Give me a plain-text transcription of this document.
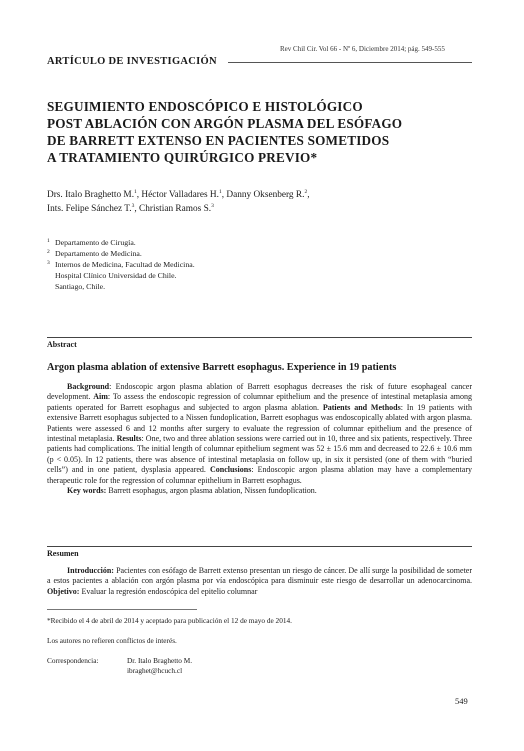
Rev Chil Cir. Vol 66 - Nº 6, Diciembre 2014; pág. 549-555
ARTÍCULO DE INVESTIGACIÓN
SEGUIMIENTO ENDOSCÓPICO E HISTOLÓGICO
POST ABLACIÓN CON ARGÓN PLASMA DEL ESÓFAGO
DE BARRETT EXTENSO EN PACIENTES SOMETIDOS
A TRATAMIENTO QUIRÚRGICO PREVIO*
Drs. Italo Braghetto M.$^1$, Héctor Valladares H.$^1$, Danny Oksenberg R.$^2$,
Ints. Felipe Sánchez T.$^3$, Christian Ramos S.$^3$
1 Departamento de Cirugía.
2 Departamento de Medicina.
3 Internos de Medicina, Facultad de Medicina.
Hospital Clínico Universidad de Chile.
Santiago, Chile.
Abstract
Argon plasma ablation of extensive Barrett esophagus. Experience in 19 patients

Background: Endoscopic argon plasma ablation of Barrett esophagus decreases the risk of future esophageal cancer development. Aim: To assess the endoscopic regression of columnar epithelium and the presence of intestinal metaplasia among patients operated for Barrett esophagus and subjected to argon plasma ablation. Patients and Methods: In 19 patients with extensive Barrett esophagus subjected to a Nissen fundoplication, Barrett esophagus was endoscopically ablated with argon plasma. Patients were assessed 6 and 12 months after surgery to evaluate the regression of columnar epithelium and the presence of intestinal metaplasia. Results: One, two and three ablation sessions were carried out in 10, three and six patients, respectively. Three patients had complications. The initial length of columnar epithelium segment was 52 ± 15.6 mm and decreased to 22.6 ± 10.6 mm (p < 0.05). In 12 patients, there was absence of intestinal metaplasia on follow up, in six it persisted (one of them with “buried cells”) and in one patient, dysplasia appeared. Conclusions: Endoscopic argon plasma ablation may have a complementary therapeutic role for the regression of columnar epithelium in Barrett esophagus.

Key words: Barrett esophagus, argon plasma ablation, Nissen fundoplication.

Resumen

Introducción: Pacientes con esófago de Barrett extenso presentan un riesgo de cáncer. De allí surge la posibilidad de someter a estos pacientes a ablación con argón plasma por vía endoscópica para disminuir este riesgo de desarrollar un adenocarcinoma. Objetivo: Evaluar la regresión endoscópica del epitelio columnar

*Recibido el 4 de abril de 2014 y aceptado para publicación el 12 de mayo de 2014.
Los autores no refieren conflictos de interés.
Correspondencia:	Dr. Italo Braghetto M.
ibraghet@hcuch.cl
549
